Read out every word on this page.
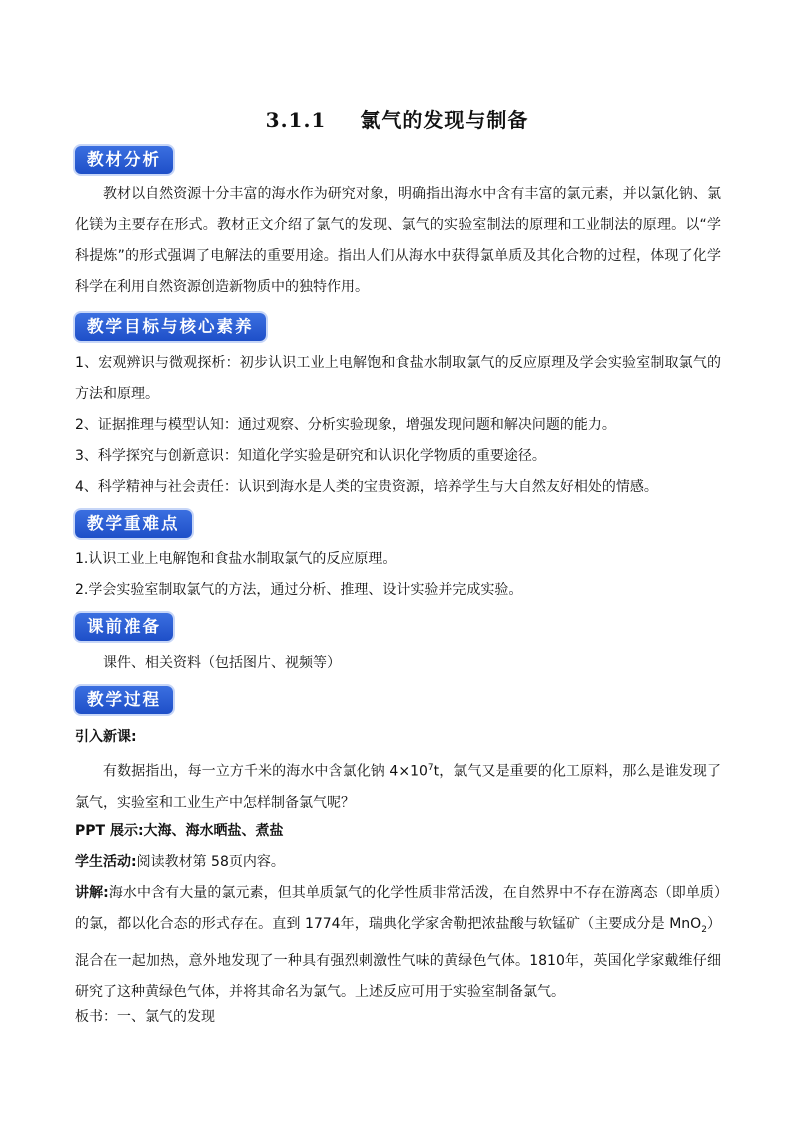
3.1.1 氯气的发现与制备
教材分析
教材以自然资源十分丰富的海水作为研究对象，明确指出海水中含有丰富的氯元素，并以氯化钠、氯化镁为主要存在形式。教材正文介绍了氯气的发现、氯气的实验室制法的原理和工业制法的原理。以“学科提炼”的形式强调了电解法的重要用途。指出人们从海水中获得氯单质及其化合物的过程，体现了化学科学在利用自然资源创造新物质中的独特作用。
教学目标与核心素养
1、宏观辨识与微观探析：初步认识工业上电解饱和食盐水制取氯气的反应原理及学会实验室制取氯气的方法和原理。
2、证据推理与模型认知：通过观察、分析实验现象，增强发现问题和解决问题的能力。
3、科学探究与创新意识：知道化学实验是研究和认识化学物质的重要途径。
4、科学精神与社会责任：认识到海水是人类的宝贵资源，培养学生与大自然友好相处的情感。
教学重难点
1.认识工业上电解饱和食盐水制取氯气的反应原理。
2.学会实验室制取氯气的方法，通过分析、推理、设计实验并完成实验。
课前准备
课件、相关资料（包括图片、视频等）
教学过程
引入新课:
有数据指出，每一立方千米的海水中含氯化钠 $4\times 10^7t$，氯气又是重要的化工原料，那么是谁发现了氯气，实验室和工业生产中怎样制备氯气呢？
PPT 展示:大海、海水晒盐、煮盐
学生活动:阅读教材第 58页内容。
讲解:海水中含有大量的氯元素，但其单质氯气的化学性质非常活泼，在自然界中不存在游离态（即单质）的氯，都以化合态的形式存在。直到 1774年，瑞典化学家舍勒把浓盐酸与软锰矿（主要成分是 MnO$_2$）混合在一起加热，意外地发现了一种具有强烈刺激性气味的黄绿色气体。1810年，英国化学家戴维仔细研究了这种黄绿色气体，并将其命名为氯气。上述反应可用于实验室制备氯气。
板书：一、氯气的发现
